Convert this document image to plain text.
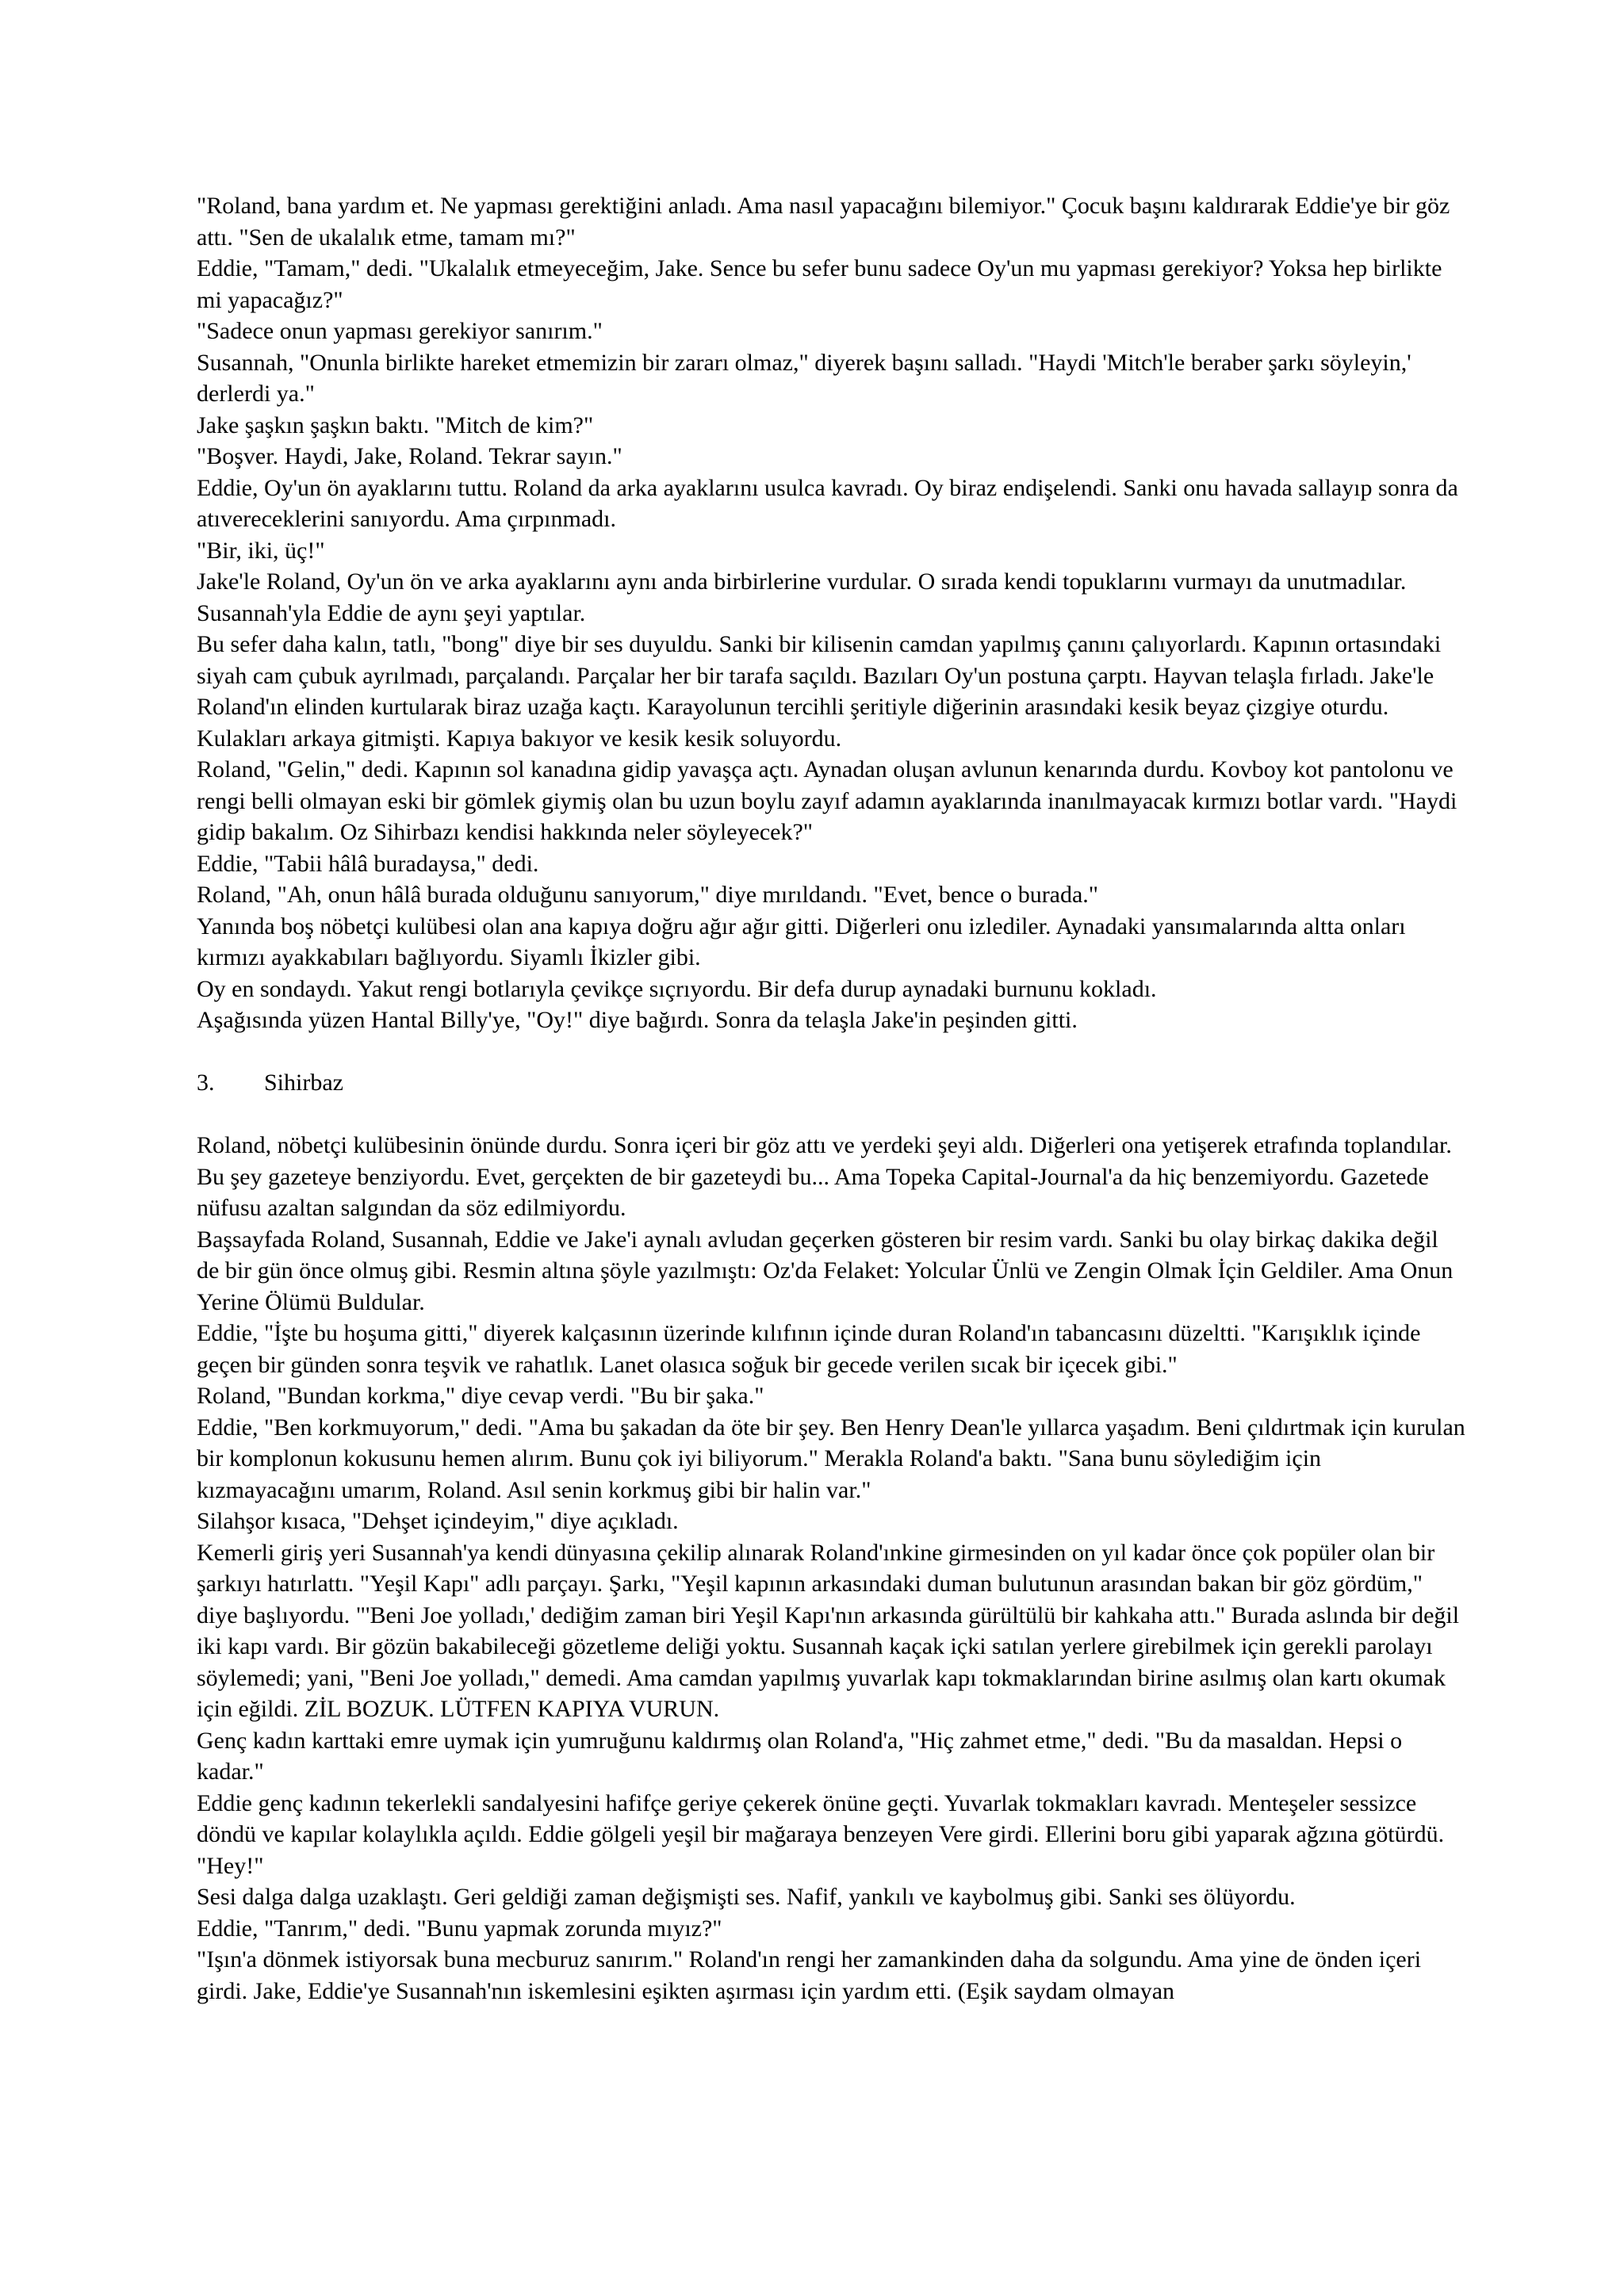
"Roland, bana yardım et. Ne yapması gerektiğini anladı. Ama nasıl yapacağını bilemiyor." Çocuk başını kaldırarak Eddie'ye bir göz attı. "Sen de ukalalık etme, tamam mı?"

Eddie, "Tamam," dedi. "Ukalalık etmeyeceğim, Jake. Sence bu sefer bunu sadece Oy'un mu yapması gerekiyor? Yoksa hep birlikte mi yapacağız?"

"Sadece onun yapması gerekiyor sanırım."

Susannah, "Onunla birlikte hareket etmemizin bir zararı olmaz," diyerek başını salladı. "Haydi 'Mitch'le beraber şarkı söyleyin,' derlerdi ya."

Jake şaşkın şaşkın baktı. "Mitch de kim?"

"Boşver. Haydi, Jake, Roland. Tekrar sayın."

Eddie, Oy'un ön ayaklarını tuttu. Roland da arka ayaklarını usulca kavradı. Oy biraz endişelendi. Sanki onu havada sallayıp sonra da atıvereceklerini sanıyordu. Ama çırpınmadı.

"Bir, iki, üç!"

Jake'le Roland, Oy'un ön ve arka ayaklarını aynı anda birbirlerine vurdular. O sırada kendi topuklarını vurmayı da unutmadılar. Susannah'yla Eddie de aynı şeyi yaptılar.

Bu sefer daha kalın, tatlı, "bong" diye bir ses duyuldu. Sanki bir kilisenin camdan yapılmış çanını çalıyorlardı. Kapının ortasındaki siyah cam çubuk ayrılmadı, parçalandı. Parçalar her bir tarafa saçıldı. Bazıları Oy'un postuna çarptı. Hayvan telaşla fırladı. Jake'le Roland'ın elinden kurtularak biraz uzağa kaçtı. Karayolunun tercihli şeritiyle diğerinin arasındaki kesik beyaz çizgiye oturdu. Kulakları arkaya gitmişti. Kapıya bakıyor ve kesik kesik soluyordu.

Roland, "Gelin," dedi. Kapının sol kanadına gidip yavaşça açtı. Aynadan oluşan avlunun kenarında durdu. Kovboy kot pantolonu ve rengi belli olmayan eski bir gömlek giymiş olan bu uzun boylu zayıf adamın ayaklarında inanılmayacak kırmızı botlar vardı. "Haydi gidip bakalım. Oz Sihirbazı kendisi hakkında neler söyleyecek?"

Eddie, "Tabii hâlâ buradaysa," dedi.

Roland, "Ah, onun hâlâ burada olduğunu sanıyorum," diye mırıldandı. "Evet, bence o burada."

Yanında boş nöbetçi kulübesi olan ana kapıya doğru ağır ağır gitti. Diğerleri onu izlediler. Aynadaki yansımalarında altta onları kırmızı ayakkabıları bağlıyordu. Siyamlı İkizler gibi.

Oy en sondaydı. Yakut rengi botlarıyla çevikçe sıçrıyordu. Bir defa durup aynadaki burnunu kokladı.

Aşağısında yüzen Hantal Billy'ye, "Oy!" diye bağırdı. Sonra da telaşla Jake'in peşinden gitti.

3.	Sihirbaz

Roland, nöbetçi kulübesinin önünde durdu. Sonra içeri bir göz attı ve yerdeki şeyi aldı. Diğerleri ona yetişerek etrafında toplandılar. Bu şey gazeteye benziyordu. Evet, gerçekten de bir gazeteydi bu... Ama Topeka Capital-Journal'a da hiç benzemiyordu. Gazetede nüfusu azaltan salgından da söz edilmiyordu.

Başsayfada Roland, Susannah, Eddie ve Jake'i aynalı avludan geçerken gösteren bir resim vardı. Sanki bu olay birkaç dakika değil de bir gün önce olmuş gibi. Resmin altına şöyle yazılmıştı: Oz'da Felaket: Yolcular Ünlü ve Zengin Olmak İçin Geldiler. Ama Onun Yerine Ölümü Buldular.

Eddie, "İşte bu hoşuma gitti," diyerek kalçasının üzerinde kılıfının içinde duran Roland'ın tabancasını düzeltti. "Karışıklık içinde geçen bir günden sonra teşvik ve rahatlık. Lanet olasıca soğuk bir gecede verilen sıcak bir içecek gibi."

Roland, "Bundan korkma," diye cevap verdi. "Bu bir şaka."

Eddie, "Ben korkmuyorum," dedi. "Ama bu şakadan da öte bir şey. Ben Henry Dean'le yıllarca yaşadım. Beni çıldırtmak için kurulan bir komplonun kokusunu hemen alırım. Bunu çok iyi biliyorum." Merakla Roland'a baktı. "Sana bunu söylediğim için kızmayacağını umarım, Roland. Asıl senin korkmuş gibi bir halin var."

Silahşor kısaca, "Dehşet içindeyim," diye açıkladı.

Kemerli giriş yeri Susannah'ya kendi dünyasına çekilip alınarak Roland'ınkine girmesinden on yıl kadar önce çok popüler olan bir şarkıyı hatırlattı. "Yeşil Kapı" adlı parçayı. Şarkı, "Yeşil kapının arkasındaki duman bulutunun arasından bakan bir göz gördüm," diye başlıyordu. "'Beni Joe yolladı,' dediğim zaman biri Yeşil Kapı'nın arkasında gürültülü bir kahkaha attı." Burada aslında bir değil iki kapı vardı. Bir gözün bakabileceği gözetleme deliği yoktu. Susannah kaçak içki satılan yerlere girebilmek için gerekli parolayı söylemedi; yani, "Beni Joe yolladı," demedi. Ama camdan yapılmış yuvarlak kapı tokmaklarından birine asılmış olan kartı okumak için eğildi. ZİL BOZUK. LÜTFEN KAPIYA VURUN.

Genç kadın karttaki emre uymak için yumruğunu kaldırmış olan Roland'a, "Hiç zahmet etme," dedi. "Bu da masaldan. Hepsi o kadar."

Eddie genç kadının tekerlekli sandalyesini hafifçe geriye çekerek önüne geçti. Yuvarlak tokmakları kavradı. Menteşeler sessizce döndü ve kapılar kolaylıkla açıldı. Eddie gölgeli yeşil bir mağaraya benzeyen Vere girdi. Ellerini boru gibi yaparak ağzına götürdü. "Hey!"

Sesi dalga dalga uzaklaştı. Geri geldiği zaman değişmişti ses. Nafif, yankılı ve kaybolmuş gibi. Sanki ses ölüyordu.

Eddie, "Tanrım," dedi. "Bunu yapmak zorunda mıyız?"

"Işın'a dönmek istiyorsak buna mecburuz sanırım." Roland'ın rengi her zamankinden daha da solgundu. Ama yine de önden içeri girdi. Jake, Eddie'ye Susannah'nın iskemlesini eşikten aşırması için yardım etti. (Eşik saydam olmayan
